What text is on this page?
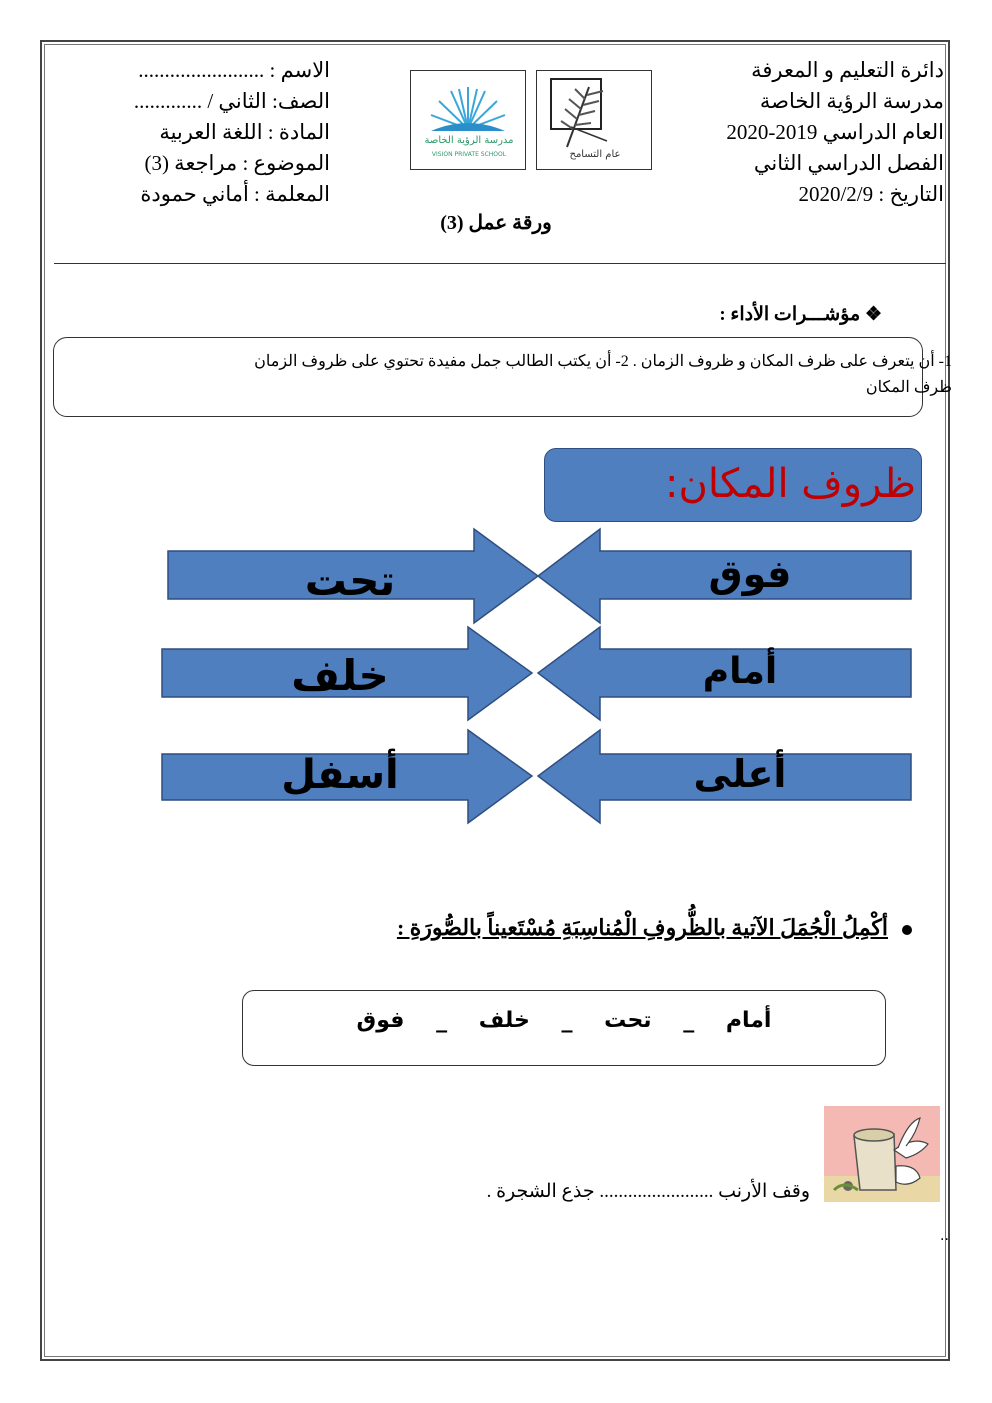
دائرة التعليم و المعرفة
مدرسة الرؤية الخاصة
العام الدراسي 2019-2020
الفصل الدراسي الثاني
التاريخ : 2020/2/9
الاسم : ........................
الصف: الثاني / .............
المادة : اللغة العربية
الموضوع : مراجعة (3)
المعلمة : أماني حمودة
عام التسامح
مدرسة الرؤية الخاصة
VISION PRIVATE SCHOOL
ورقة عمل (3)
❖ مؤشـــرات الأداء :
1- أن يتعرف على ظرف المكان و ظروف الزمان . 2- أن يكتب الطالب جمل مفيدة تحتوي على ظروف الزمان
ظرف المكان
ظروف المكان:
فوق
تحت
أمام
خلف
أعلى
أسفل
أكْمِلُ الْجُمَلَ الآتية بالظُّروفِ الْمُناسِبَةِ مُسْتَعيناً بالصُّورَةِ :
أمام _ تحت _ خلف _ فوق
وقف الأرنب ........................ جذع الشجرة .
..
